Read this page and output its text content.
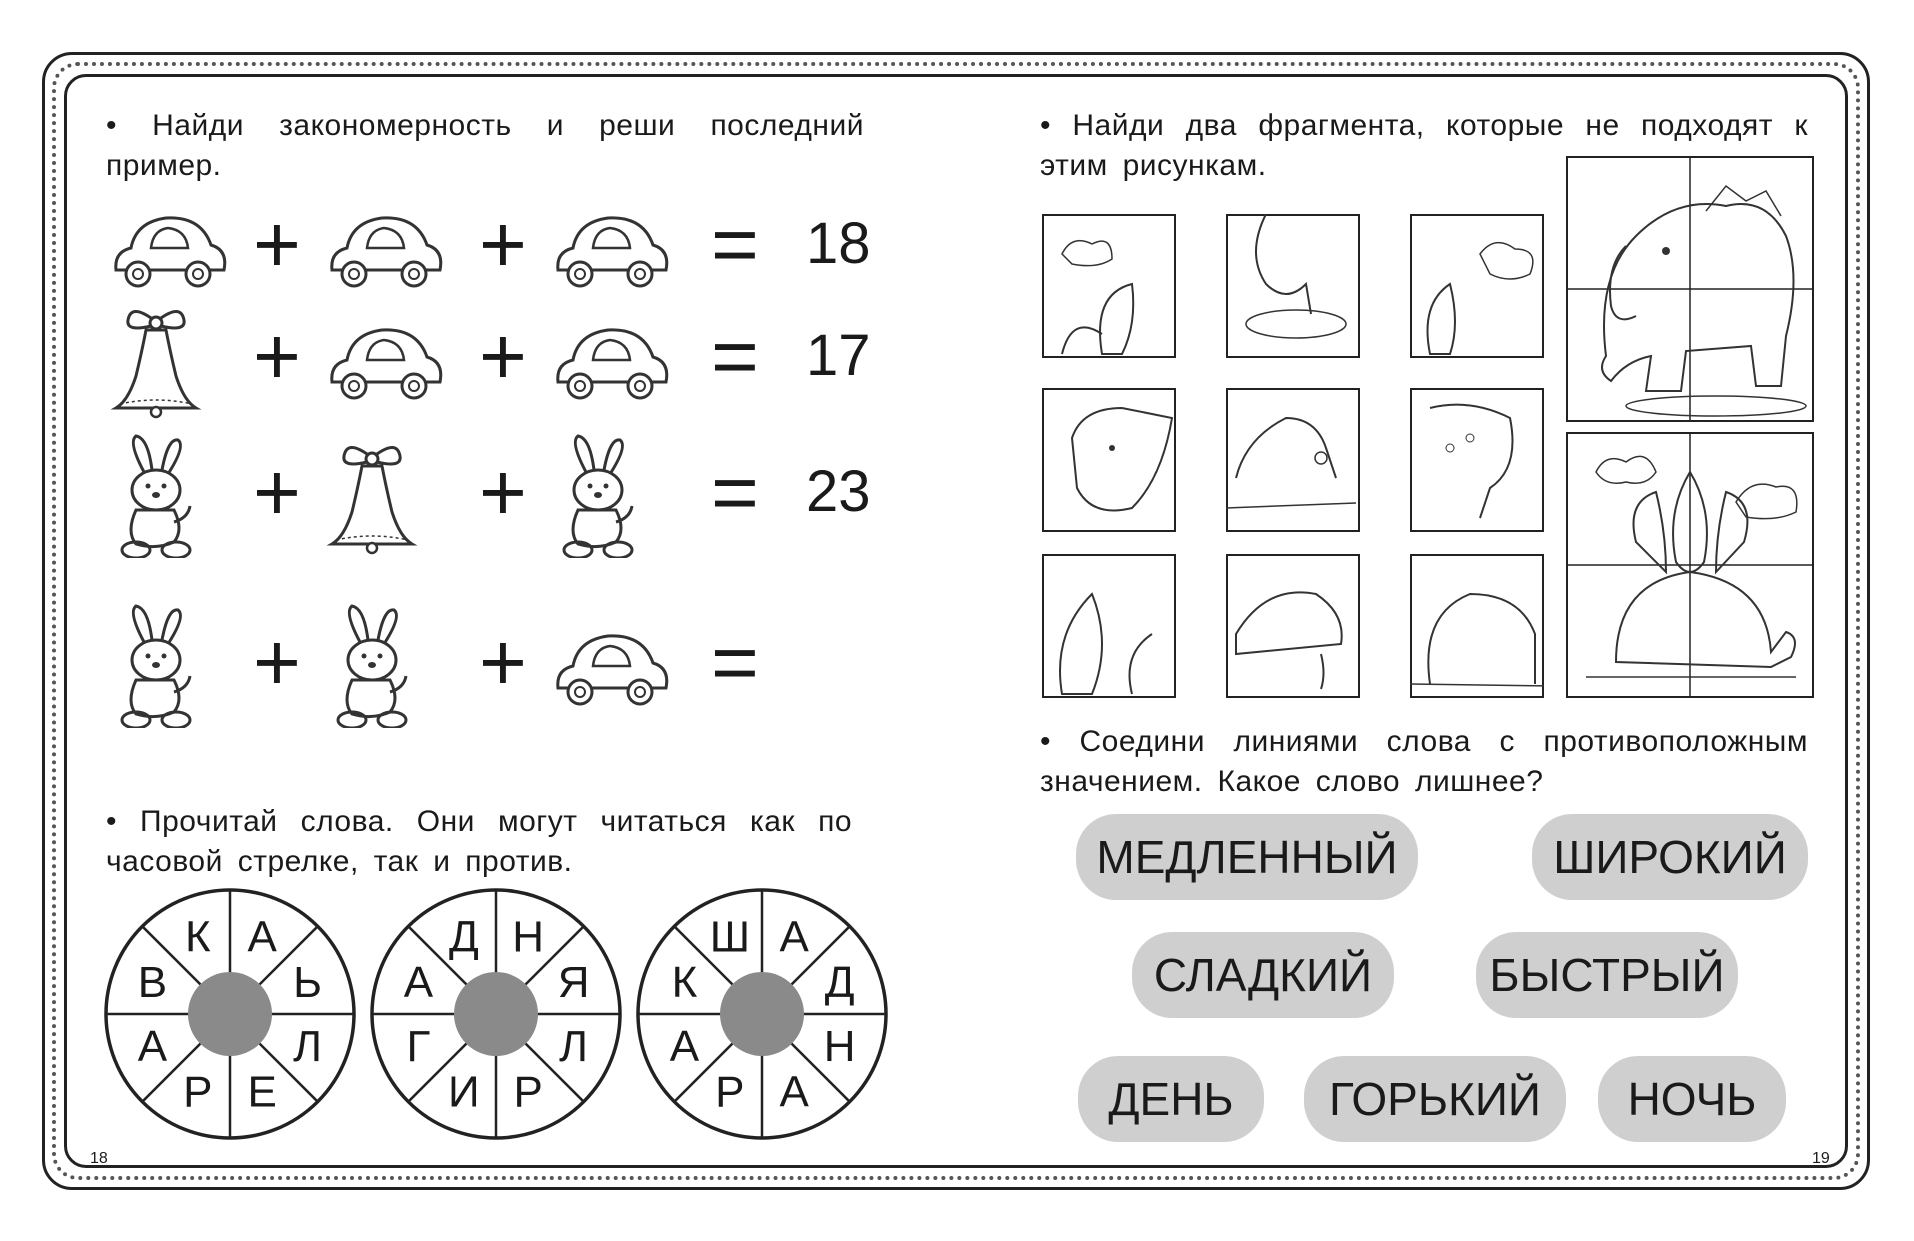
• Найди закономерность и реши последний пример.
+ + = 18
+ + = 17
+ + = 23
+ + =
• Прочитай слова. Они могут читаться как по часовой стрелке, так и против.
А
Ь
Л
Е
Р
А
В
К	Н
Я
Л
Р
И
Г
А
Д	А
Д
Н
А
Р
А
К
Ш
18
• Найди два фрагмента, которые не подходят к этим рисункам.
• Соедини линиями слова с противоположным значением. Какое слово лишнее?
МЕДЛЕННЫЙ	ШИРОКИЙ
СЛАДКИЙ	БЫСТРЫЙ
ДЕНЬ	ГОРЬКИЙ	НОЧЬ
19
